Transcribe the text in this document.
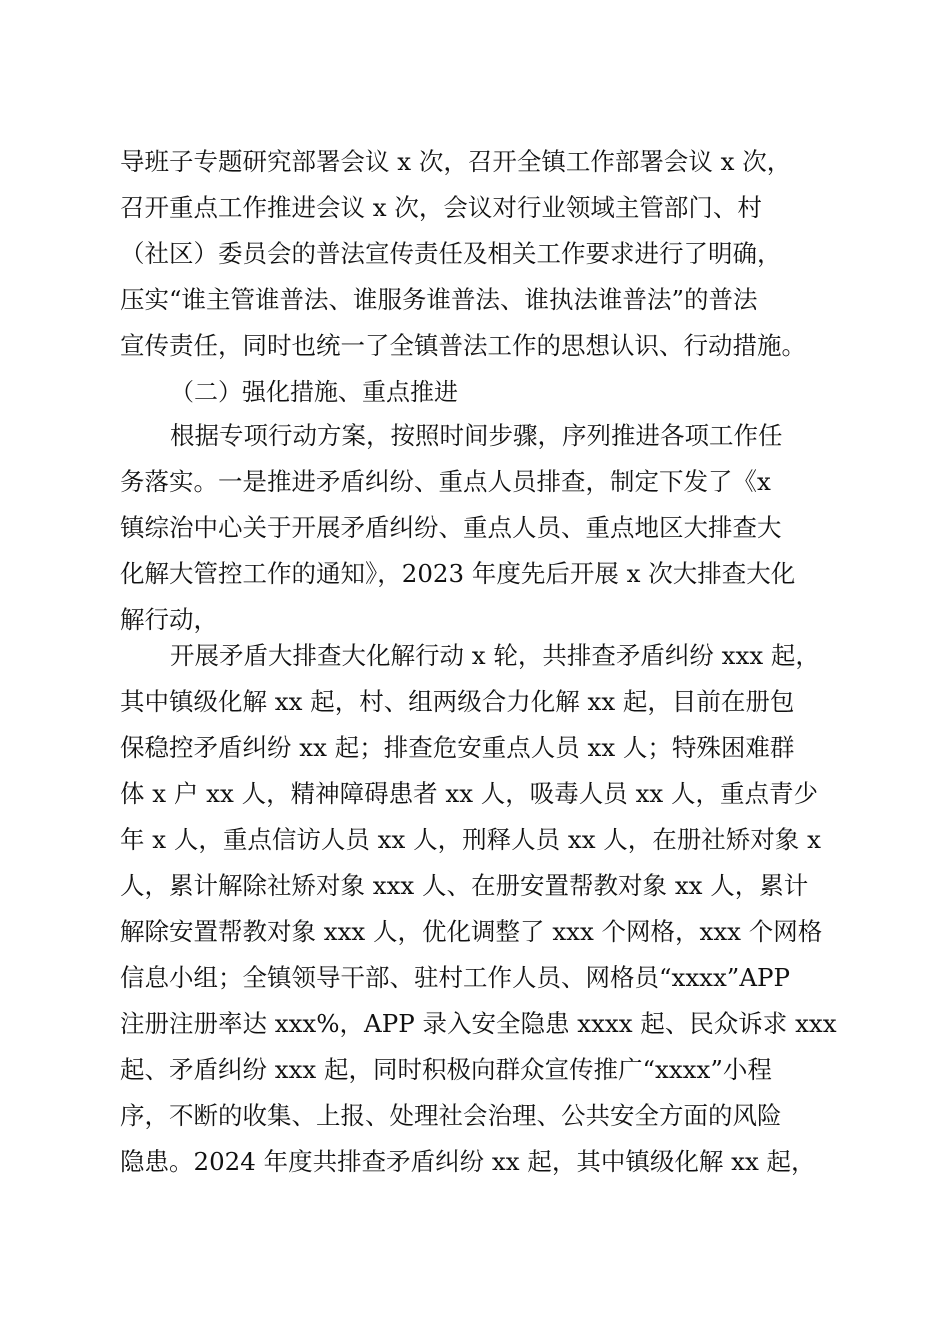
导班子专题研究部署会议 x 次，召开全镇工作部署会议 x 次，
召开重点工作推进会议 x 次，会议对行业领域主管部门、村
（社区）委员会的普法宣传责任及相关工作要求进行了明确，
压实“谁主管谁普法、谁服务谁普法、谁执法谁普法”的普法
宣传责任，同时也统一了全镇普法工作的思想认识、行动措施。
（二）强化措施、重点推进
根据专项行动方案，按照时间步骤，序列推进各项工作任
务落实。一是推进矛盾纠纷、重点人员排查，制定下发了《x
镇综治中心关于开展矛盾纠纷、重点人员、重点地区大排查大
化解大管控工作的通知》，2023 年度先后开展 x 次大排查大化
解行动，
开展矛盾大排查大化解行动 x 轮，共排查矛盾纠纷 xxx 起，
其中镇级化解 xx 起，村、组两级合力化解 xx 起，目前在册包
保稳控矛盾纠纷 xx 起；排查危安重点人员 xx 人；特殊困难群
体 x 户 xx 人，精神障碍患者 xx 人，吸毒人员 xx 人，重点青少
年 x 人，重点信访人员 xx 人，刑释人员 xx 人，在册社矫对象 x
人，累计解除社矫对象 xxx 人、在册安置帮教对象 xx 人，累计
解除安置帮教对象 xxx 人，优化调整了 xxx 个网格，xxx 个网格
信息小组；全镇领导干部、驻村工作人员、网格员“xxxx”APP
注册注册率达 xxx%，APP 录入安全隐患 xxxx 起、民众诉求 xxx
起、矛盾纠纷 xxx 起，同时积极向群众宣传推广“xxxx”小程
序，不断的收集、上报、处理社会治理、公共安全方面的风险
隐患。2024 年度共排查矛盾纠纷 xx 起，其中镇级化解 xx 起，
